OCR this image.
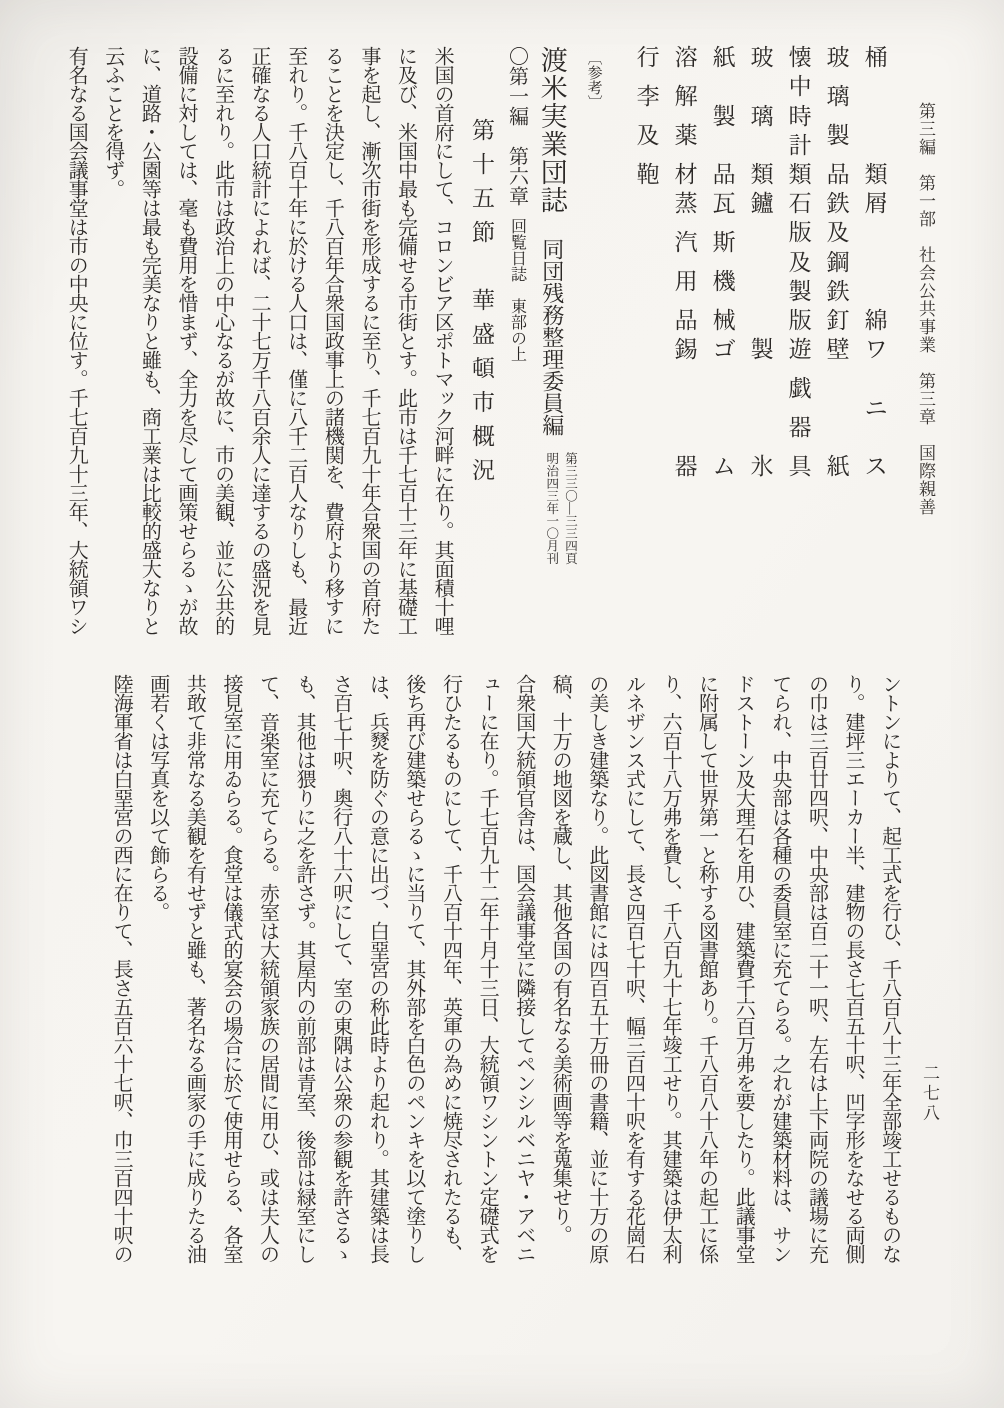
第三編　第一部　社会公共事業　第三章　国際親善
桶
類
屑
綿
ワ
ニ
ス
玻
璃
製
品
鉄
及
鋼
鉄
釘
壁
紙
懐
中
時
計
類
石
版
及
製
版
遊
戯
器
具
玻
璃
類
鑪
製
氷
紙
製
品
瓦
斯
機
械
ゴ
ム
溶
解
薬
材
蒸
汽
用
品
錫
器
行
李
及
鞄
〔参考〕
渡米実業団誌同団残務整理委員編
第三三〇―三三四頁
明治四三年一〇月刊
〇第一編　第六章回覧日誌　東部の上
第十五節　華盛頓市概況
米国の首府にして、コロンビア区ポトマック河畔に在り。其面積十哩
に及び、米国中最も完備せる市街とす。此市は千七百十三年に基礎工
事を起し、漸次市街を形成するに至り、千七百九十年合衆国の首府た
ることを決定し、千八百年合衆国政事上の諸機関を、費府より移すに
至れり。千八百十年に於ける人口は、僅に八千二百人なりしも、最近
正確なる人口統計によれば、二十七万千八百余人に達するの盛況を見
るに至れり。此市は政治上の中心なるが故に、市の美観、並に公共的
設備に対しては、毫も費用を惜まず、全力を尽して画策せらるゝが故
に、道路・公園等は最も完美なりと雖も、商工業は比較的盛大なりと
云ふことを得ず。
有名なる国会議事堂は市の中央に位す。千七百九十三年、大統領ワシ
二七八
ントンによりて、起工式を行ひ、千八百八十三年全部竣工せるものな
り。建坪三エーカー半、建物の長さ七百五十呎、凹字形をなせる両側
の巾は三百廿四呎、中央部は百二十一呎、左右は上下両院の議場に充
てられ、中央部は各種の委員室に充てらる。之れが建築材料は、サン
ドストーン及大理石を用ひ、建築費千六百万弗を要したり。此議事堂
に附属して世界第一と称する図書館あり。千八百八十八年の起工に係
り、六百十八万弗を費し、千八百九十七年竣工せり。其建築は伊太利
ルネザンス式にして、長さ四百七十呎、幅三百四十呎を有する花崗石
の美しき建築なり。此図書館には四百五十万冊の書籍、並に十万の原
稿、十万の地図を蔵し、其他各国の有名なる美術画等を蒐集せり。
合衆国大統領官舎は、国会議事堂に隣接してペンシルベニヤ・アベニ
ューに在り。千七百九十二年十月十三日、大統領ワシントン定礎式を
行ひたるものにして、千八百十四年、英軍の為めに焼尽されたるも、
後ち再び建築せらるゝに当りて、其外部を白色のペンキを以て塗りし
は、兵燹を防ぐの意に出づ、白堊宮の称此時より起れり。其建築は長
さ百七十呎、奥行八十六呎にして、室の東隅は公衆の参観を許さるゝ
も、其他は猥りに之を許さず。其屋内の前部は青室、後部は緑室にし
て、音楽室に充てらる。赤室は大統領家族の居間に用ひ、或は夫人の
接見室に用ゐらる。食堂は儀式的宴会の場合に於て使用せらる、各室
共敢て非常なる美観を有せずと雖も、著名なる画家の手に成りたる油
画若くは写真を以て飾らる。
陸海軍省は白堊宮の西に在りて、長さ五百六十七呎、巾三百四十呎の
